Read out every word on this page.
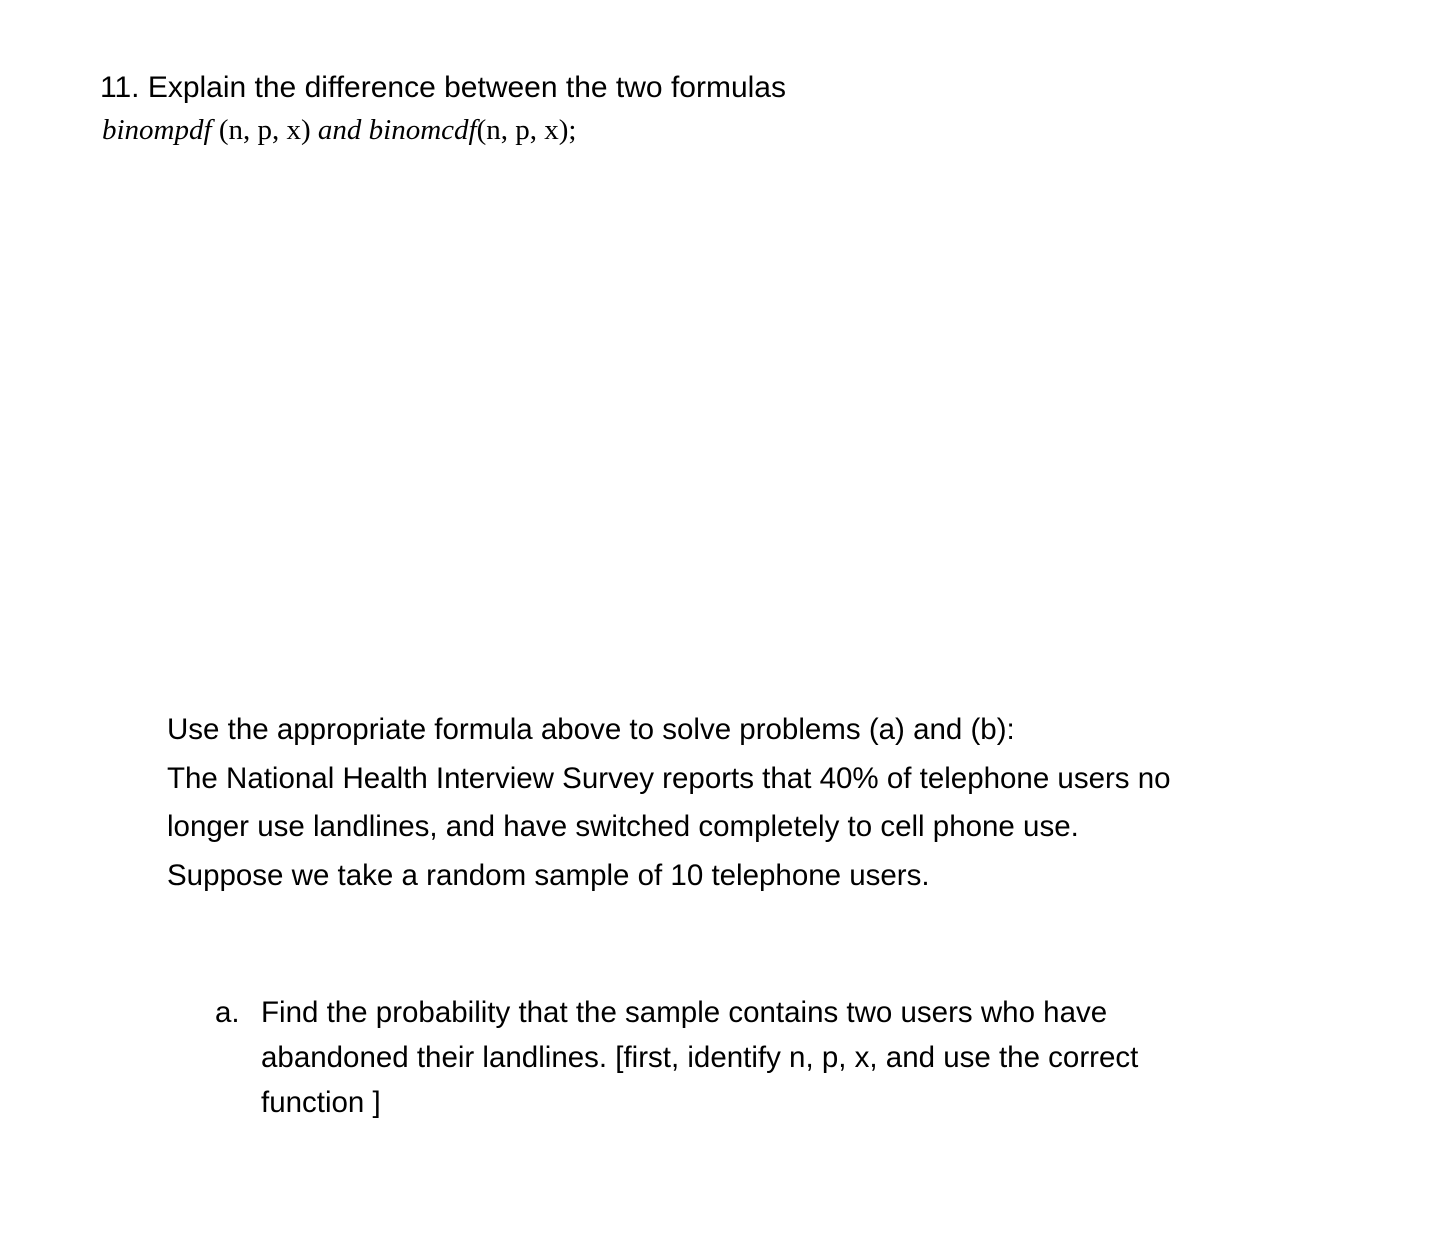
11. Explain the difference between the two formulas
binompdf (n, p, x) and binomcdf(n, p, x);
Use the appropriate formula above to solve problems (a) and (b):
The National Health Interview Survey reports that 40% of telephone users no
longer use landlines, and have switched completely to cell phone use.
Suppose we take a random sample of 10 telephone users.
a. Find the probability that the sample contains two users who have
abandoned their landlines. [first, identify n, p, x, and use the correct
function ]
